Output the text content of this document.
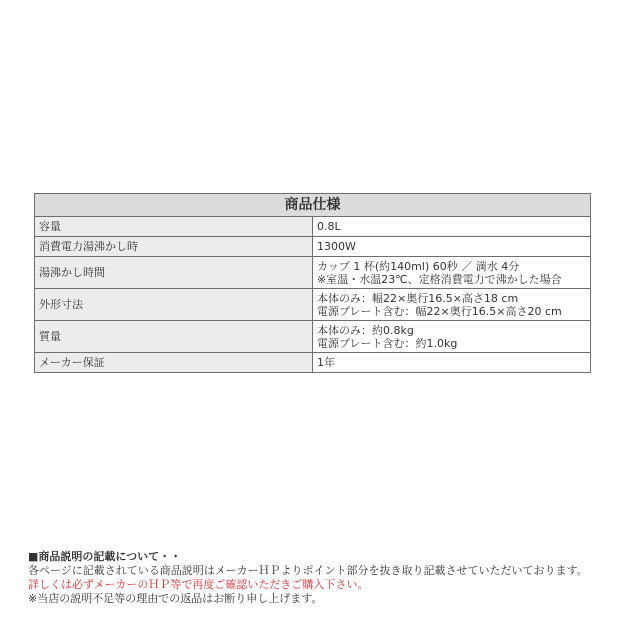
商品仕様	
容量	0.8L

消費電力湯沸かし時	1300W

湯沸かし時間	カップ 1 杯(約140ml) 60秒 ／ 満水 4分
※室温・水温23℃、定格消費電力で沸かした場合

外形寸法	本体のみ：幅22×奥行16.5×高さ18 cm
電源プレート含む：幅22×奥行16.5×高さ20 cm

質量	本体のみ：約0.8kg
電源プレート含む：約1.0kg

メーカー保証	1年
■商品説明の記載について・・
各ページに記載されている商品説明はメーカーＨＰよりポイント部分を抜き取り記載させていただいております。
詳しくは必ずメーカーのＨＰ等で再度ご確認いただきご購入下さい。
※当店の説明不足等の理由での返品はお断り申し上げます。
